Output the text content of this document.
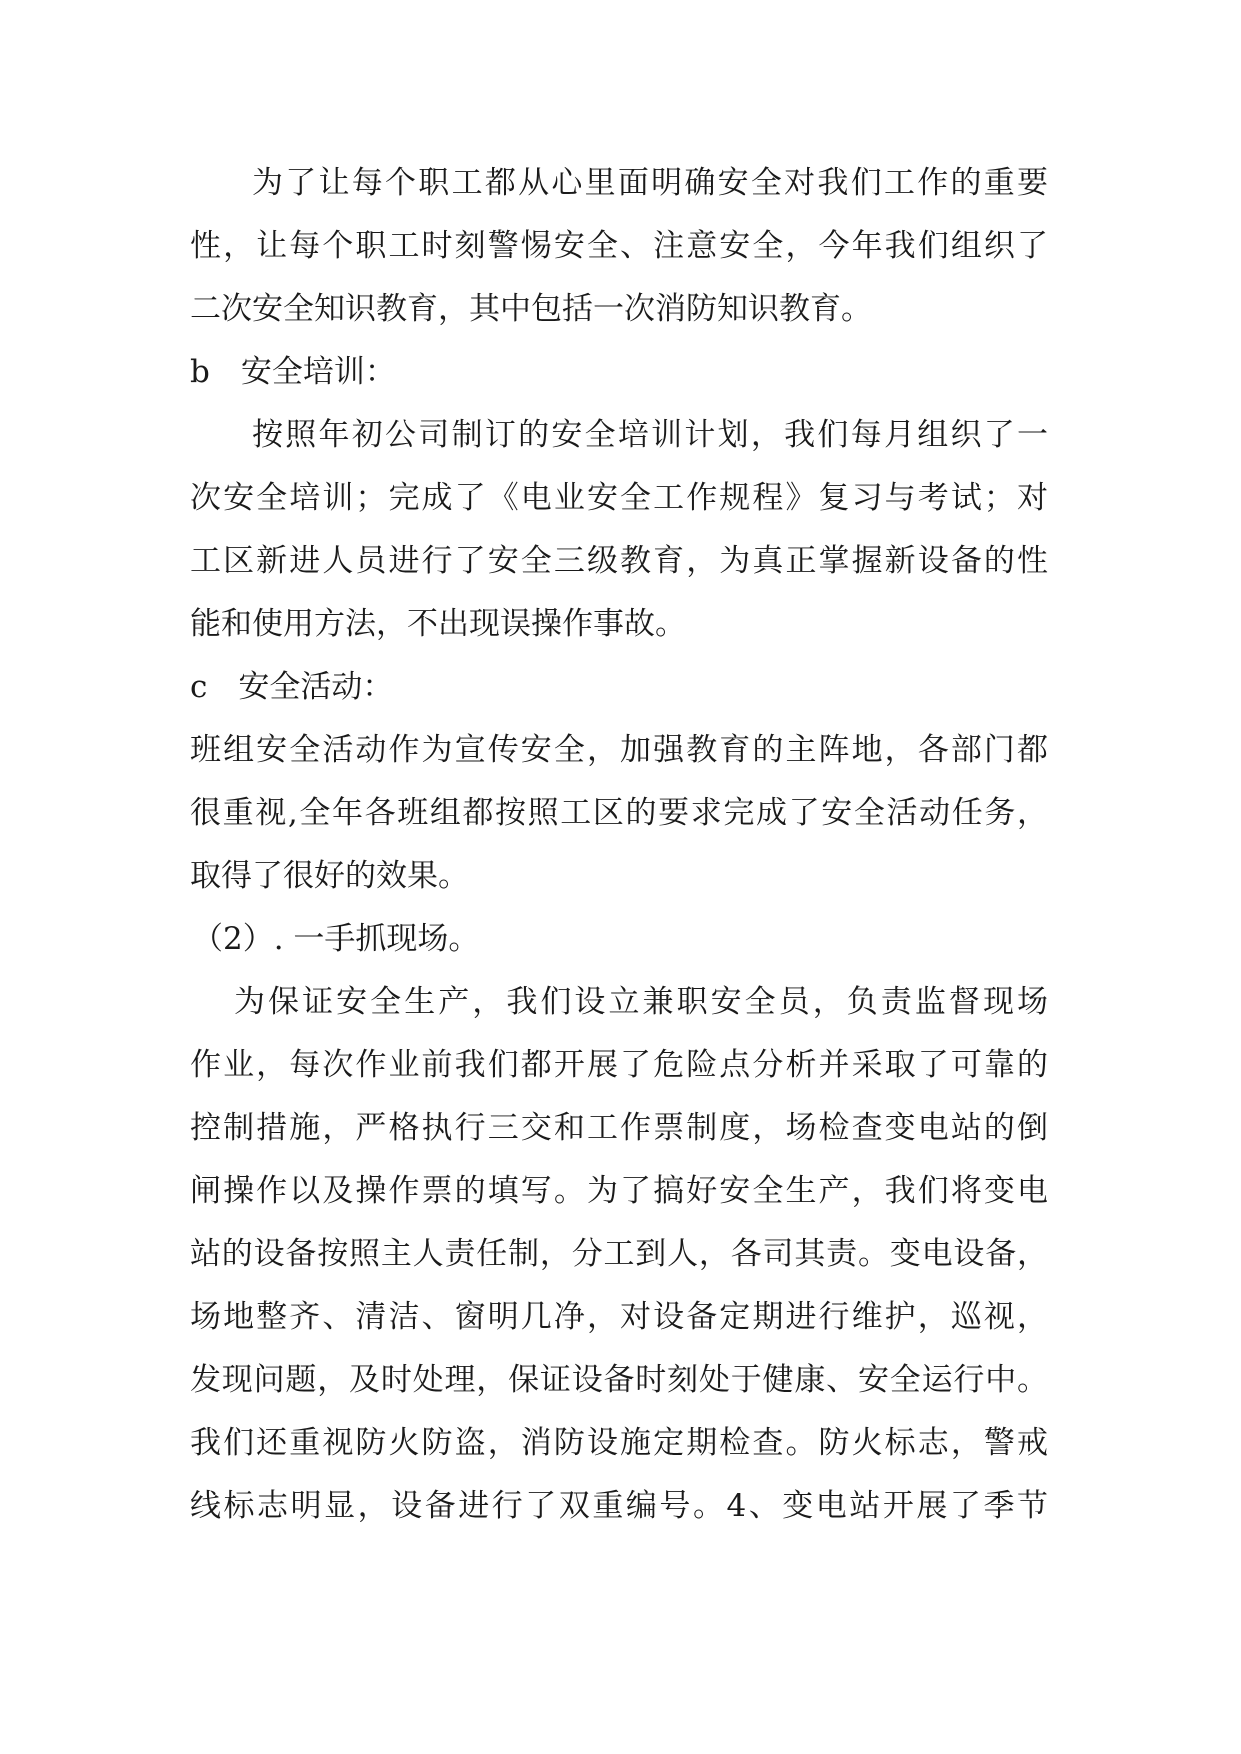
为了让每个职工都从心里面明确安全对我们工作的重要
性，让每个职工时刻警惕安全、注意安全，今年我们组织了
二次安全知识教育，其中包括一次消防知识教育。
b　安全培训：
按照年初公司制订的安全培训计划，我们每月组织了一
次安全培训；完成了《电业安全工作规程》复习与考试；对
工区新进人员进行了安全三级教育，为真正掌握新设备的性
能和使用方法，不出现误操作事故。
c　安全活动：
班组安全活动作为宣传安全，加强教育的主阵地，各部门都
很重视,全年各班组都按照工区的要求完成了安全活动任务，
取得了很好的效果。
（2）. 一手抓现场。
为保证安全生产，我们设立兼职安全员，负责监督现场
作业，每次作业前我们都开展了危险点分析并采取了可靠的
控制措施，严格执行三交和工作票制度，场检查变电站的倒
闸操作以及操作票的填写。为了搞好安全生产，我们将变电
站的设备按照主人责任制，分工到人，各司其责。变电设备，
场地整齐、清洁、窗明几净，对设备定期进行维护，巡视，
发现问题，及时处理，保证设备时刻处于健康、安全运行中。
我们还重视防火防盗，消防设施定期检查。防火标志，警戒
线标志明显，设备进行了双重编号。4、变电站开展了季节
